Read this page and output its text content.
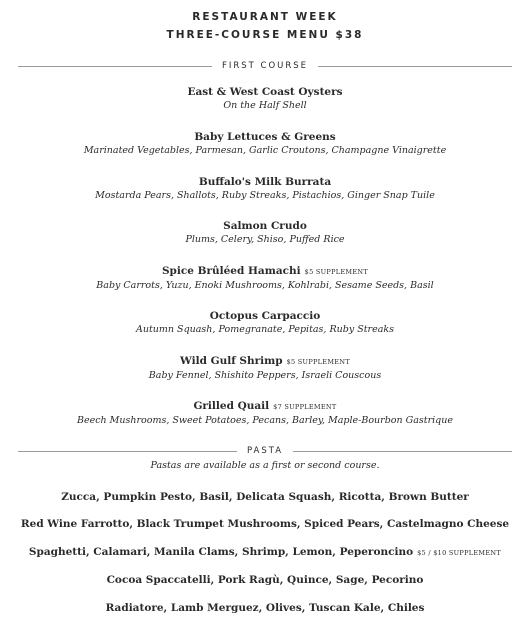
RESTAURANT WEEK
THREE-COURSE MENU $38
FIRST COURSE
East & West Coast Oysters
On the Half Shell
Baby Lettuces & Greens
Marinated Vegetables, Parmesan, Garlic Croutons, Champagne Vinaigrette
Buffalo's Milk Burrata
Mostarda Pears, Shallots, Ruby Streaks, Pistachios, Ginger Snap Tuile
Salmon Crudo
Plums, Celery, Shiso, Puffed Rice
Spice Brûléed Hamachi $5 SUPPLEMENT
Baby Carrots, Yuzu, Enoki Mushrooms, Kohlrabi, Sesame Seeds, Basil
Octopus Carpaccio
Autumn Squash, Pomegranate, Pepitas, Ruby Streaks
Wild Gulf Shrimp $5 SUPPLEMENT
Baby Fennel, Shishito Peppers, Israeli Couscous
Grilled Quail $7 SUPPLEMENT
Beech Mushrooms, Sweet Potatoes, Pecans, Barley, Maple-Bourbon Gastrique
PASTA
Pastas are available as a first or second course.
Zucca, Pumpkin Pesto, Basil, Delicata Squash, Ricotta, Brown Butter
Red Wine Farrotto, Black Trumpet Mushrooms, Spiced Pears, Castelmagno Cheese
Spaghetti, Calamari, Manila Clams, Shrimp, Lemon, Peperoncino $5 / $10 SUPPLEMENT
Cocoa Spaccatelli, Pork Ragù, Quince, Sage, Pecorino
Radiatore, Lamb Merguez, Olives, Tuscan Kale, Chiles
